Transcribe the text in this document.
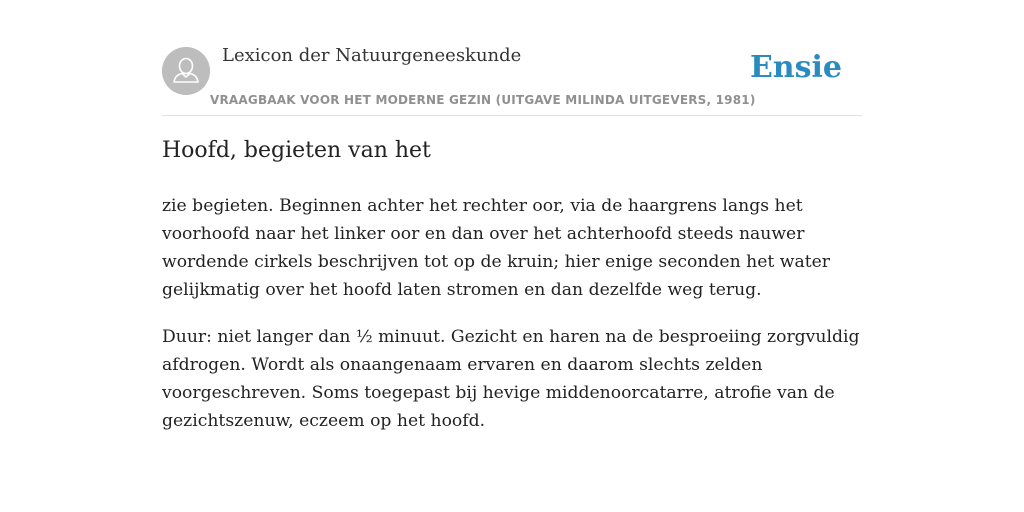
Lexicon der Natuurgeneeskunde
VRAAGBAAK VOOR HET MODERNE GEZIN (UITGAVE MILINDA UITGEVERS, 1981)
Ensie
Hoofd, begieten van het

zie begieten. Beginnen achter het rechter oor, via de haargrens langs het voorhoofd naar het linker oor en dan over het achterhoofd steeds nauwer wordende cirkels beschrijven tot op de kruin; hier enige seconden het water gelijkmatig over het hoofd laten stromen en dan dezelfde weg terug.

Duur: niet langer dan ½ minuut. Gezicht en haren na de besproeiing zorgvuldig afdrogen. Wordt als onaangenaam ervaren en daarom slechts zelden voorgeschreven. Soms toegepast bij hevige middenoorcatarre, atrofie van de gezichtszenuw, eczeem op het hoofd.
